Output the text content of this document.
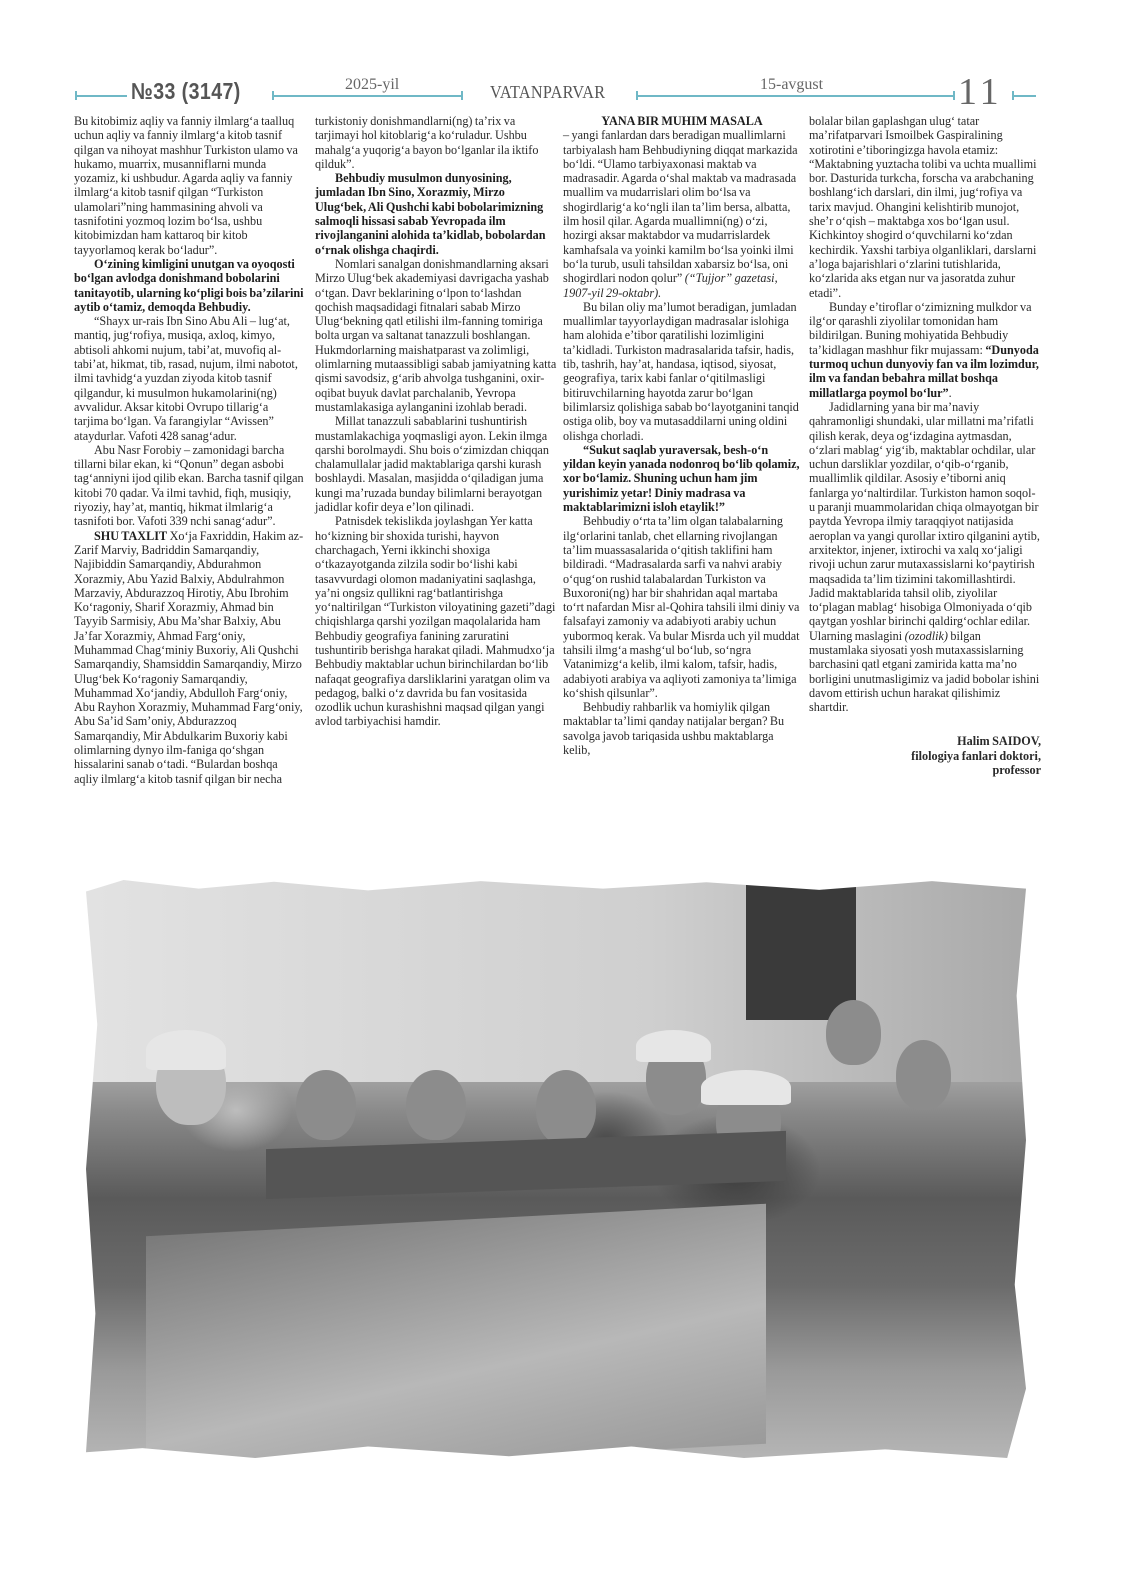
№33 (3147)	2025-yil	VATANPARVAR	15-avgust	11

Bu kitobimiz aqliy va fanniy ilmlarg‘a taalluq uchun aqliy va fanniy ilmlarg‘a kitob tasnif qilgan va nihoyat mashhur Turkiston ulamo va hukamo, muarrix, musanniflarni munda yozamiz, ki ushbudur. Agarda aqliy va fanniy ilmlarg‘a kitob tasnif qilgan “Turkiston ulamolari”ning hammasining ahvoli va tasnifotini yozmoq lozim bo‘lsa, ushbu kitobimizdan ham kattaroq bir kitob tayyorlamoq kerak bo‘ladur”.

O‘zining kimligini unutgan va oyoqosti bo‘lgan avlodga donishmand bobolarini tanitayotib, ularning ko‘pligi bois ba’zilarini aytib o‘tamiz, demoqda Behbudiy.

“Shayx ur-rais Ibn Sino Abu Ali – lug‘at, mantiq, jug‘rofiya, musiqa, axloq, kimyo, abtisoli ahkomi nujum, tabi’at, muvofiq al-tabi’at, hikmat, tib, rasad, nujum, ilmi nabotot, ilmi tavhidg‘a yuzdan ziyoda kitob tasnif qilgandur, ki musulmon hukamolarini(ng) avvalidur. Aksar kitobi Ovrupo tillarig‘a tarjima bo‘lgan. Va farangiylar “Avissen” ataydurlar. Vafoti 428 sanag‘adur.

Abu Nasr Forobiy – zamonidagi barcha tillarni bilar ekan, ki “Qonun” degan asbobi tag‘anniyni ijod qilib ekan. Barcha tasnif qilgan kitobi 70 qadar. Va ilmi tavhid, fiqh, musiqiy, riyoziy, hay’at, mantiq, hikmat ilmlarig‘a tasnifoti bor. Vafoti 339 nchi sanag‘adur”.

SHU TAXLIT Xo‘ja Faxriddin, Hakim az-Zarif Marviy, Badriddin Samarqandiy, Najibiddin Samarqandiy, Abdurahmon Xorazmiy, Abu Yazid Balxiy, Abdulrahmon Marzaviy, Abdurazzoq Hirotiy, Abu Ibrohim Ko‘ragoniy, Sharif Xorazmiy, Ahmad bin Tayyib Sarmisiy, Abu Ma’shar Balxiy, Abu Ja’far Xorazmiy, Ahmad Farg‘oniy, Muhammad Chag‘miniy Buxoriy, Ali Qushchi Samarqandiy, Shamsiddin Samarqandiy, Mirzo Ulug‘bek Ko‘ragoniy Samarqandiy, Muhammad Xo‘jandiy, Abdulloh Farg‘oniy, Abu Rayhon Xorazmiy, Muhammad Farg‘oniy, Abu Sa’id Sam’oniy, Abdurazzoq Samarqandiy, Mir Abdulkarim Buxoriy kabi olimlarning dynyo ilm-faniga qo‘shgan hissalarini sanab o‘tadi. “Bulardan boshqa aqliy ilmlarg‘a kitob tasnif qilgan bir necha

turkistoniy donishmandlarni(ng) ta’rix va tarjimayi hol kitoblarig‘a ko‘ruladur. Ushbu mahalg‘a yuqorig‘a bayon bo‘lganlar ila iktifo qilduk”.

Behbudiy musulmon dunyosining, jumladan Ibn Sino, Xorazmiy, Mirzo Ulug‘bek, Ali Qushchi kabi bobolarimizning salmoqli hissasi sabab Yevropada ilm rivojlanganini alohida ta’kidlab, bobolardan o‘rnak olishga chaqirdi.

Nomlari sanalgan donishmandlarning aksari Mirzo Ulug‘bek akademiyasi davrigacha yashab o‘tgan. Davr beklarining o‘lpon to‘lashdan qochish maqsadidagi fitnalari sabab Mirzo Ulug‘bekning qatl etilishi ilm-fanning tomiriga bolta urgan va saltanat tanazzuli boshlangan. Hukmdorlarning maishatparast va zolimligi, olimlarning mutaassibligi sabab jamiyatning katta qismi savodsiz, g‘arib ahvolga tushganini, oxir-oqibat buyuk davlat parchalanib, Yevropa mustamlakasiga aylanganini izohlab beradi.

Millat tanazzuli sabablarini tushuntirish mustamlakachiga yoqmasligi ayon. Lekin ilmga qarshi borolmaydi. Shu bois o‘zimizdan chiqqan chalamullalar jadid maktablariga qarshi kurash boshlaydi. Masalan, masjidda o‘qiladigan juma kungi ma’ruzada bunday bilimlarni berayotgan jadidlar kofir deya e’lon qilinadi.

Patnisdek tekislikda joylashgan Yer katta ho‘kizning bir shoxida turishi, hayvon charchagach, Yerni ikkinchi shoxiga o‘tkazayotganda zilzila sodir bo‘lishi kabi tasavvurdagi olomon madaniyatini saqlashga, ya’ni ongsiz qullikni rag‘batlantirishga yo‘naltirilgan “Turkiston viloyatining gazeti”dagi chiqishlarga qarshi yozilgan maqolalarida ham Behbudiy geografiya fanining zaruratini tushuntirib berishga harakat qiladi. Mahmudxo‘ja Behbudiy maktablar uchun birinchilardan bo‘lib nafaqat geografiya darsliklarini yaratgan olim va pedagog, balki o‘z davrida bu fan vositasida ozodlik uchun kurashishni maqsad qilgan yangi avlod tarbiyachisi hamdir.

YANA BIR MUHIM MASALA

– yangi fanlardan dars beradigan muallimlarni tarbiyalash ham Behbudiyning diqqat markazida bo‘ldi. “Ulamo tarbiyaxonasi maktab va madrasadir. Agarda o‘shal maktab va madrasada muallim va mudarrislari olim bo‘lsa va shogirdlarig‘a ko‘ngli ilan ta’lim bersa, albatta, ilm hosil qilar. Agarda muallimni(ng) o‘zi, hozirgi aksar maktabdor va mudarrislardek kamhafsala va yoinki kamilm bo‘lsa yoinki ilmi bo‘la turub, usuli tahsildan xabarsiz bo‘lsa, oni shogirdlari nodon qolur” (“Tujjor” gazetasi, 1907-yil 29-oktabr).

Bu bilan oliy ma’lumot beradigan, jumladan muallimlar tayyorlaydigan madrasalar islohiga ham alohida e’tibor qaratilishi lozimligini ta’kidladi. Turkiston madrasalarida tafsir, hadis, tib, tashrih, hay’at, handasa, iqtisod, siyosat, geografiya, tarix kabi fanlar o‘qitilmasligi bitiruvchilarning hayotda zarur bo‘lgan bilimlarsiz qolishiga sabab bo‘layotganini tanqid ostiga olib, boy va mutasaddilarni uning oldini olishga chorladi.

“Sukut saqlab yuraversak, besh-o‘n yildan keyin yanada nodonroq bo‘lib qolamiz, xor bo‘lamiz. Shuning uchun ham jim yurishimiz yetar! Diniy madrasa va maktablarimizni isloh etaylik!”

Behbudiy o‘rta ta’lim olgan talabalarning ilg‘orlarini tanlab, chet ellarning rivojlangan ta’lim muassasalarida o‘qitish taklifini ham bildiradi. “Madrasalarda sarfi va nahvi arabiy o‘qug‘on rushid talabalardan Turkiston va Buxoroni(ng) har bir shahridan aqal martaba to‘rt nafardan Misr al-Qohira tahsili ilmi diniy va falsafayi zamoniy va adabiyoti arabiy uchun yubormoq kerak. Va bular Misrda uch yil muddat tahsili ilmg‘a mashg‘ul bo‘lub, so‘ngra Vatanimizg‘a kelib, ilmi kalom, tafsir, hadis, adabiyoti arabiya va aqliyoti zamoniya ta’limiga ko‘shish qilsunlar”.

Behbudiy rahbarlik va homiylik qilgan maktablar ta’limi qanday natijalar bergan? Bu savolga javob tariqasida ushbu maktablarga kelib,

bolalar bilan gaplashgan ulug‘ tatar ma’rifatparvari Ismoilbek Gaspiralining xotirotini e’tiboringizga havola etamiz: “Maktabning yuztacha tolibi va uchta muallimi bor. Dasturida turkcha, forscha va arabchaning boshlang‘ich darslari, din ilmi, jug‘rofiya va tarix mavjud. Ohangini kelishtirib munojot, she’r o‘qish – maktabga xos bo‘lgan usul. Kichkintoy shogird o‘quvchilarni ko‘zdan kechirdik. Yaxshi tarbiya olganliklari, darslarni a’loga bajarishlari o‘zlarini tutishlarida, ko‘zlarida aks etgan nur va jasoratda zuhur etadi”.

Bunday e’tiroflar o‘zimizning mulkdor va ilg‘or qarashli ziyolilar tomonidan ham bildirilgan. Buning mohiyatida Behbudiy ta’kidlagan mashhur fikr mujassam: “Dunyoda turmoq uchun dunyoviy fan va ilm lozimdur, ilm va fandan bebahra millat boshqa millatlarga poymol bo‘lur”.

Jadidlarning yana bir ma’naviy qahramonligi shundaki, ular millatni ma’rifatli qilish kerak, deya og‘izdagina aytmasdan, o‘zlari mablag‘ yig‘ib, maktablar ochdilar, ular uchun darsliklar yozdilar, o‘qib-o‘rganib, muallimlik qildilar. Asosiy e’tiborni aniq fanlarga yo‘naltirdilar. Turkiston hamon soqol-u paranji muammolaridan chiqa olmayotgan bir paytda Yevropa ilmiy taraqqiyot natijasida aeroplan va yangi qurollar ixtiro qilganini aytib, arxitektor, injener, ixtirochi va xalq xo‘jaligi rivoji uchun zarur mutaxassislarni ko‘paytirish maqsadida ta’lim tizimini takomillashtirdi. Jadid maktablarida tahsil olib, ziyolilar to‘plagan mablag‘ hisobiga Olmoniyada o‘qib qaytgan yoshlar birinchi qaldirg‘ochlar edilar. Ularning maslagini (ozodlik) bilgan mustamlaka siyosati yosh mutaxassislarning barchasini qatl etgani zamirida katta ma’no borligini unutmasligimiz va jadid bobolar ishini davom ettirish uchun harakat qilishimiz shartdir.

Halim SAIDOV,
filologiya fanlari doktori,
professor
